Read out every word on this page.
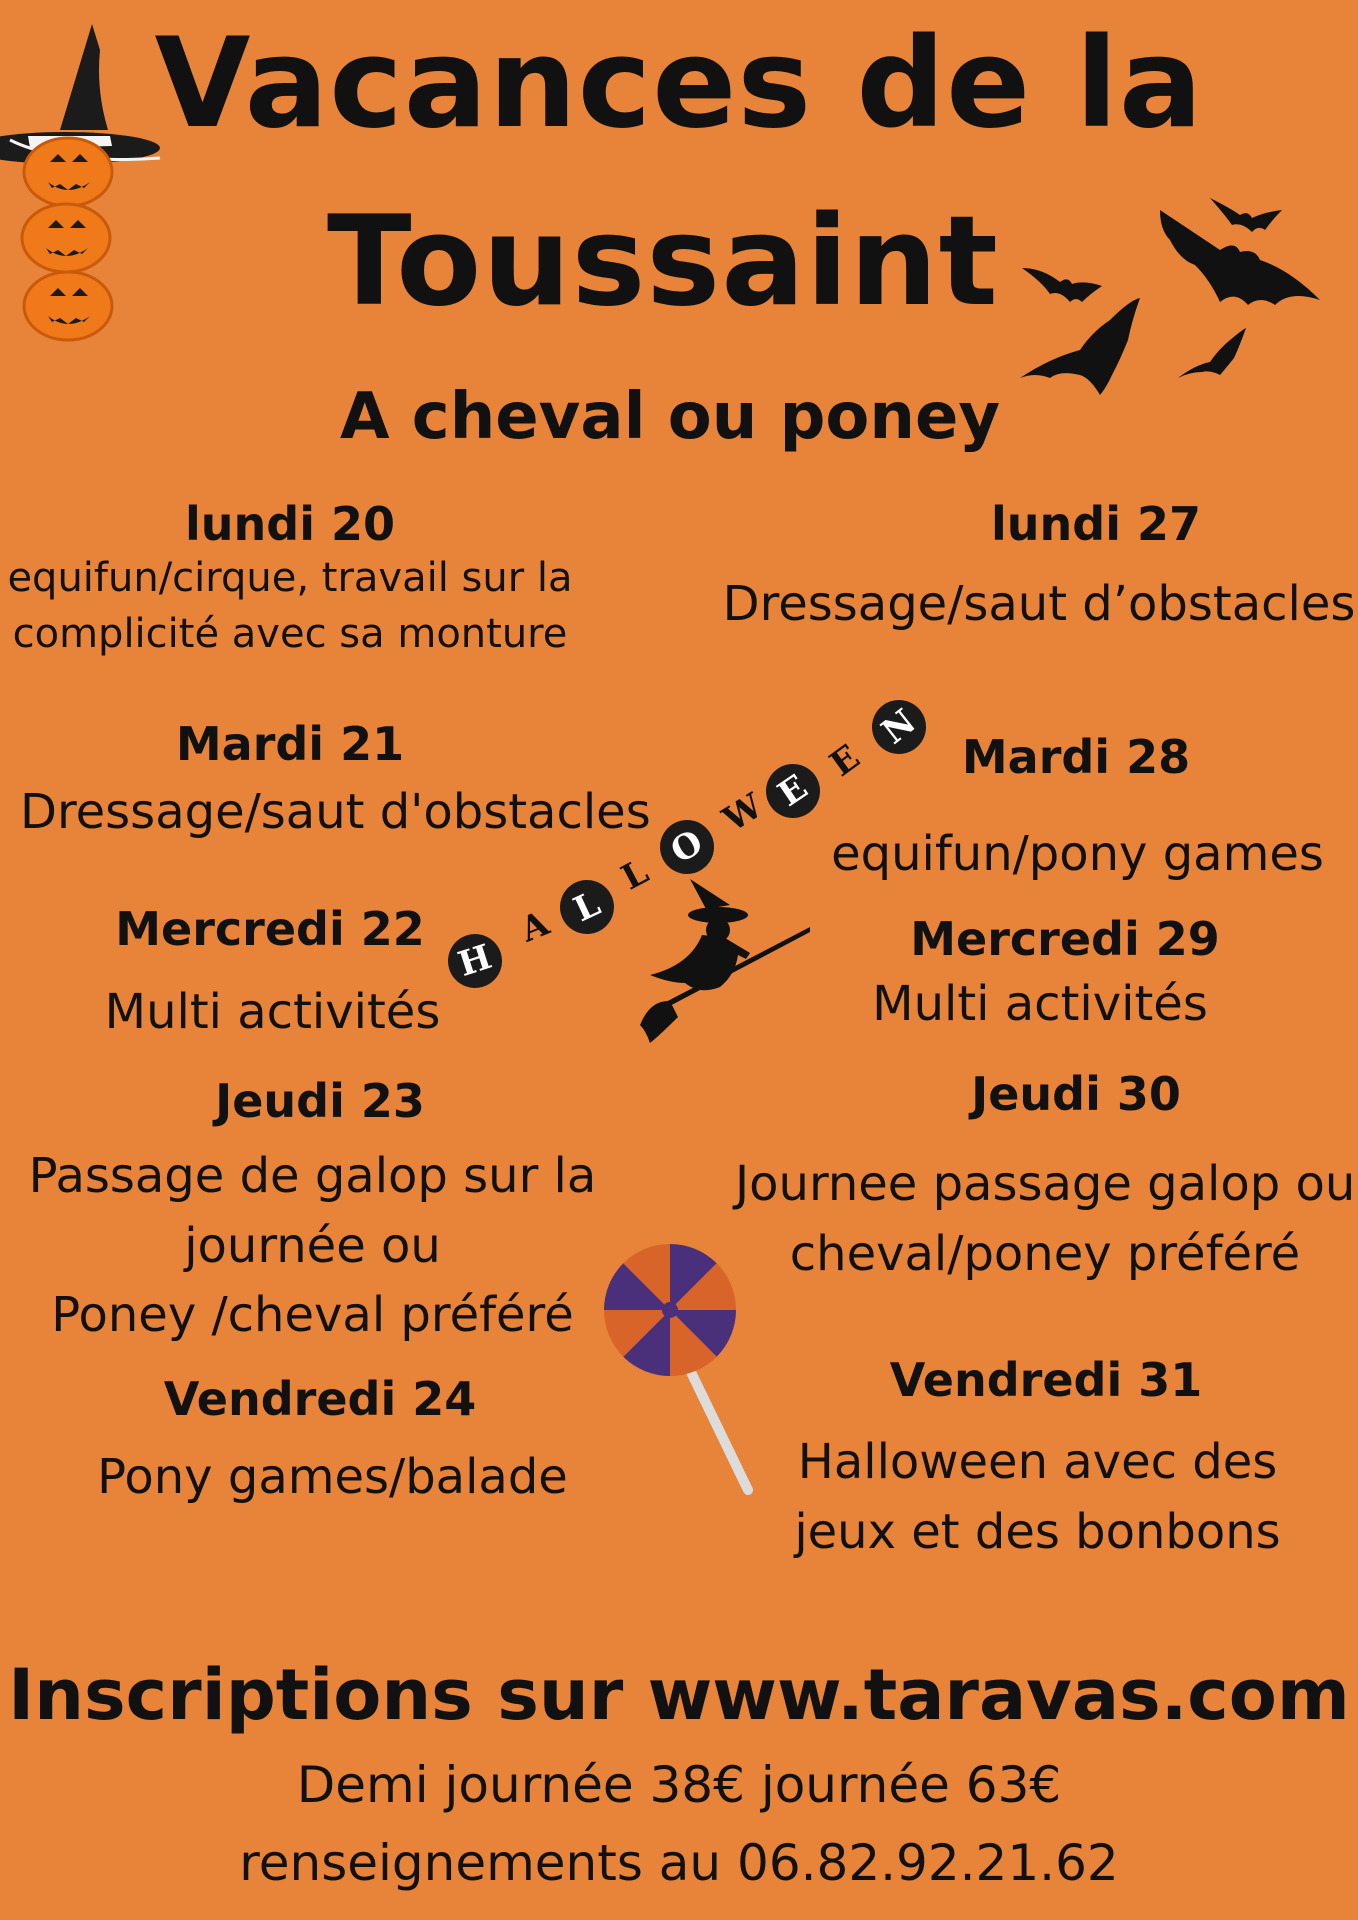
Vacances de la
Toussaint
A cheval ou poney
lundi 20
equifun/cirque, travail sur la
complicité avec sa monture
Mardi 21
Dressage/saut d'obstacles
Mercredi 22
Multi activités
Jeudi 23
Passage de galop sur la
journée ou
Poney /cheval préféré
Vendredi 24
Pony games/balade
lundi 27
Dressage/saut d’obstacles
Mardi 28
equifun/pony games
Mercredi 29
Multi activités
Jeudi 30
Journee passage galop ou
cheval/poney préféré
Vendredi 31
Halloween avec des
jeux et des bonbons
H
A L
L
O
W E
E
N
Inscriptions sur www.taravas.com
Demi journée 38€ journée 63€
renseignements au 06.82.92.21.62
